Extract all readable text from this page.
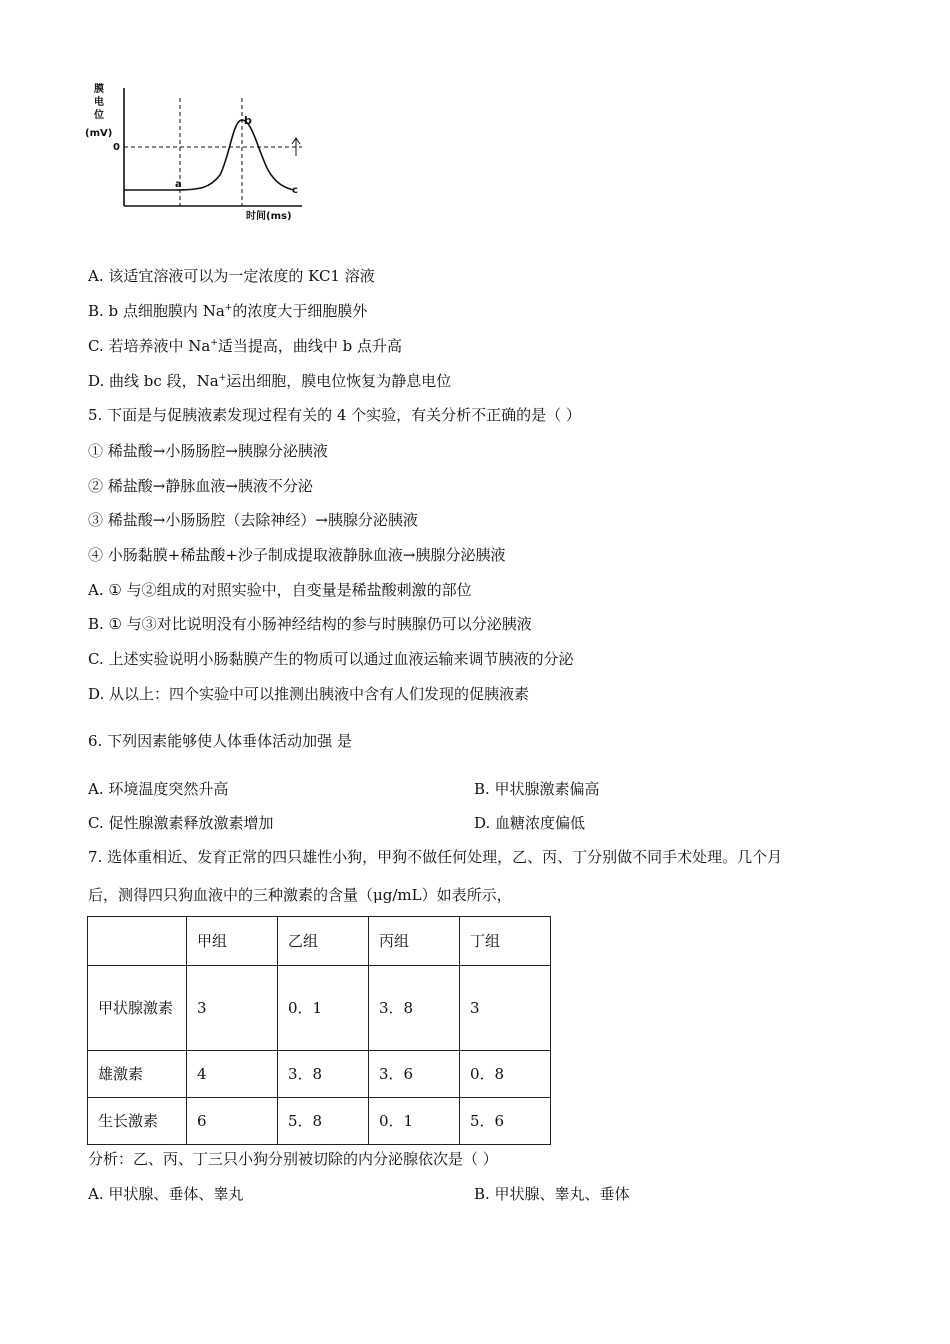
膜
电
位
(mV)
0
时间(ms)
a
b
c
A. 该适宜溶液可以为一定浓度的 KC1 溶液
B. b 点细胞膜内 Na+的浓度大于细胞膜外
C. 若培养液中 Na+适当提高，曲线中 b 点升高
D. 曲线 bc 段，Na+运出细胞，膜电位恢复为静息电位
5. 下面是与促胰液素发现过程有关的 4 个实验，有关分析不正确的是（ ）
① 稀盐酸→小肠肠腔→胰腺分泌胰液
② 稀盐酸→静脉血液→胰液不分泌
③ 稀盐酸→小肠肠腔（去除神经）→胰腺分泌胰液
④ 小肠黏膜+稀盐酸+沙子制成提取液静脉血液→胰腺分泌胰液
A. ① 与②组成的对照实验中，自变量是稀盐酸刺激的部位
B. ① 与③对比说明没有小肠神经结构的参与时胰腺仍可以分泌胰液
C. 上述实验说明小肠黏膜产生的物质可以通过血液运输来调节胰液的分泌
D. 从以上：四个实验中可以推测出胰液中含有人们发现的促胰液素
6. 下列因素能够使人体垂体活动加强 是
A. 环境温度突然升高	B. 甲状腺激素偏高
C. 促性腺激素释放激素增加	D. 血糖浓度偏低
7. 选体重相近、发育正常的四只雄性小狗，甲狗不做任何处理，乙、丙、丁分别做不同手术处理。几个月
后，测得四只狗血液中的三种激素的含量（μg/mL）如表所示，
	甲组	乙组	丙组	丁组
甲状腺激素	3	0．1	3．8	3
雄激素	4	3．8	3．6	0．8
生长激素	6	5．8	0．1	5．6
分析：乙、丙、丁三只小狗分别被切除的内分泌腺依次是（ ）
A. 甲状腺、垂体、睾丸	B. 甲状腺、睾丸、垂体
